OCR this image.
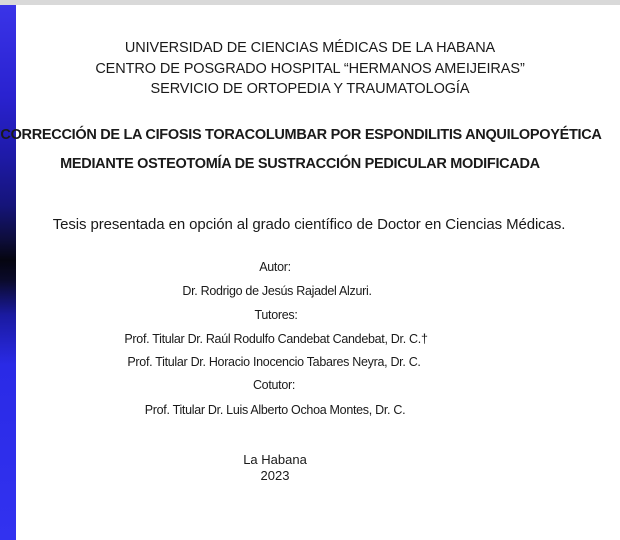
UNIVERSIDAD DE CIENCIAS MÉDICAS DE LA HABANA
CENTRO DE POSGRADO HOSPITAL “HERMANOS AMEIJEIRAS”
SERVICIO DE ORTOPEDIA Y TRAUMATOLOGÍA
CORRECCIÓN DE LA CIFOSIS TORACOLUMBAR POR ESPONDILITIS ANQUILOPOYÉTICA
MEDIANTE OSTEOTOMÍA DE SUSTRACCIÓN PEDICULAR MODIFICADA
Tesis presentada en opción al grado científico de Doctor en Ciencias Médicas.
Autor:
Dr. Rodrigo de Jesús Rajadel Alzuri.
Tutores:
Prof. Titular Dr. Raúl Rodulfo Candebat Candebat, Dr. C.†
Prof. Titular Dr. Horacio Inocencio Tabares Neyra, Dr. C.
Cotutor:
Prof. Titular Dr. Luis Alberto Ochoa Montes, Dr. C.
La Habana
2023
